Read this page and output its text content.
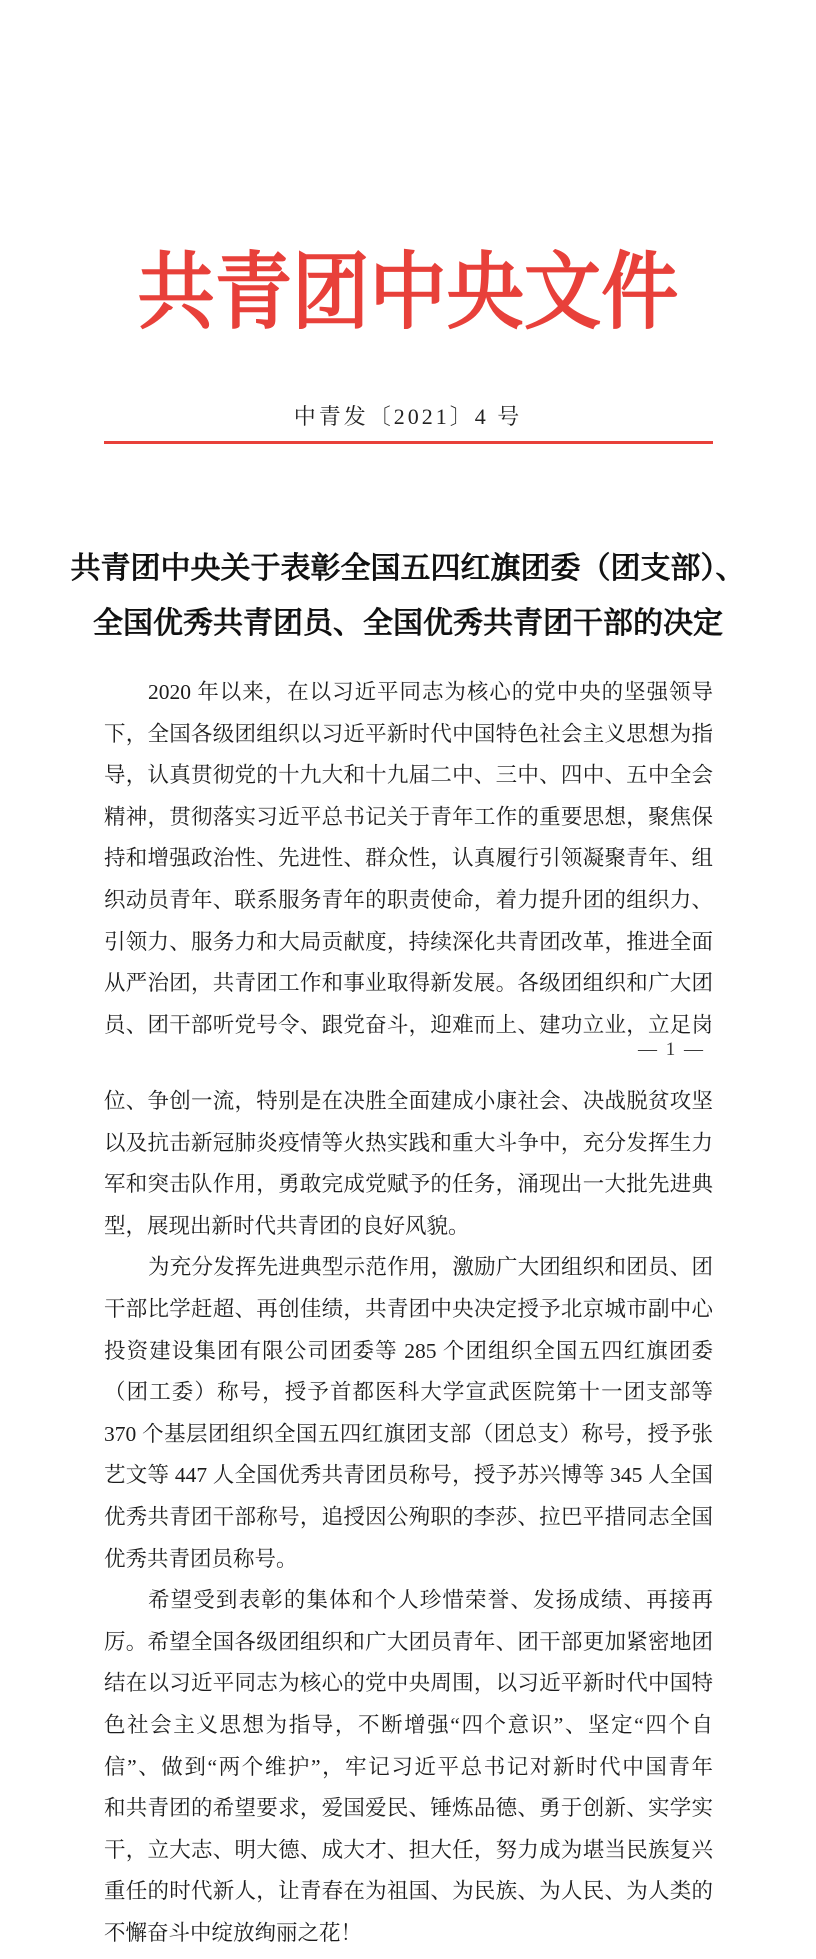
共青团中央文件
中青发〔2021〕4 号
共青团中央关于表彰全国五四红旗团委（团支部）、
全国优秀共青团员、全国优秀共青团干部的决定
2020 年以来，在以习近平同志为核心的党中央的坚强领导
下，全国各级团组织以习近平新时代中国特色社会主义思想为指
导，认真贯彻党的十九大和十九届二中、三中、四中、五中全会
精神，贯彻落实习近平总书记关于青年工作的重要思想，聚焦保
持和增强政治性、先进性、群众性，认真履行引领凝聚青年、组
织动员青年、联系服务青年的职责使命，着力提升团的组织力、
引领力、服务力和大局贡献度，持续深化共青团改革，推进全面
从严治团，共青团工作和事业取得新发展。各级团组织和广大团
员、团干部听党号令、跟党奋斗，迎难而上、建功立业，立足岗
— 1 —
位、争创一流，特别是在决胜全面建成小康社会、决战脱贫攻坚
以及抗击新冠肺炎疫情等火热实践和重大斗争中，充分发挥生力
军和突击队作用，勇敢完成党赋予的任务，涌现出一大批先进典
型，展现出新时代共青团的良好风貌。
为充分发挥先进典型示范作用，激励广大团组织和团员、团
干部比学赶超、再创佳绩，共青团中央决定授予北京城市副中心
投资建设集团有限公司团委等 285 个团组织全国五四红旗团委
（团工委）称号，授予首都医科大学宣武医院第十一团支部等
370 个基层团组织全国五四红旗团支部（团总支）称号，授予张
艺文等 447 人全国优秀共青团员称号，授予苏兴博等 345 人全国
优秀共青团干部称号，追授因公殉职的李莎、拉巴平措同志全国
优秀共青团员称号。
希望受到表彰的集体和个人珍惜荣誉、发扬成绩、再接再
厉。希望全国各级团组织和广大团员青年、团干部更加紧密地团
结在以习近平同志为核心的党中央周围，以习近平新时代中国特
色社会主义思想为指导，不断增强“四个意识”、坚定“四个自
信”、做到“两个维护”，牢记习近平总书记对新时代中国青年
和共青团的希望要求，爱国爱民、锤炼品德、勇于创新、实学实
干，立大志、明大德、成大才、担大任，努力成为堪当民族复兴
重任的时代新人，让青春在为祖国、为民族、为人民、为人类的
不懈奋斗中绽放绚丽之花！
